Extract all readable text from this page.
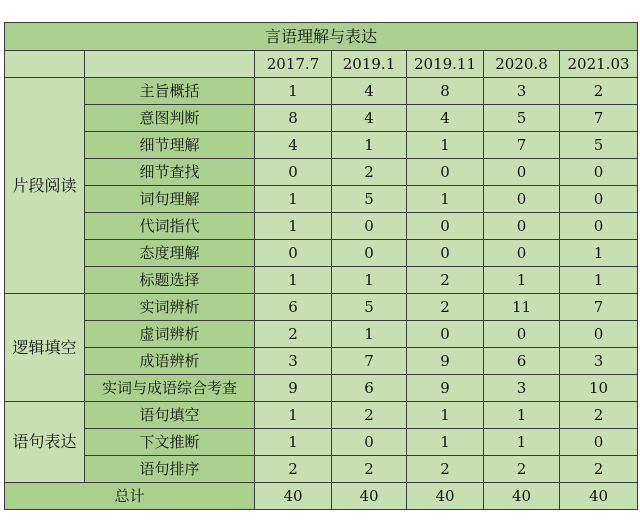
言语理解与表达						
		2017.7	2019.1	2019.11	2020.8	2021.03
片段阅读	主旨概括	1	4	8	3	2
	意图判断	8	4	4	5	7
	细节理解	4	1	1	7	5
	细节查找	0	2	0	0	0
	词句理解	1	5	1	0	0
	代词指代	1	0	0	0	0
	态度理解	0	0	0	0	1
	标题选择	1	1	2	1	1
逻辑填空	实词辨析	6	5	2	11	7
	虚词辨析	2	1	0	0	0
	成语辨析	3	7	9	6	3
	实词与成语综合考查	9	6	9	3	10
语句表达	语句填空	1	2	1	1	2
	下文推断	1	0	1	1	0
	语句排序	2	2	2	2	2
总计		40	40	40	40	40
